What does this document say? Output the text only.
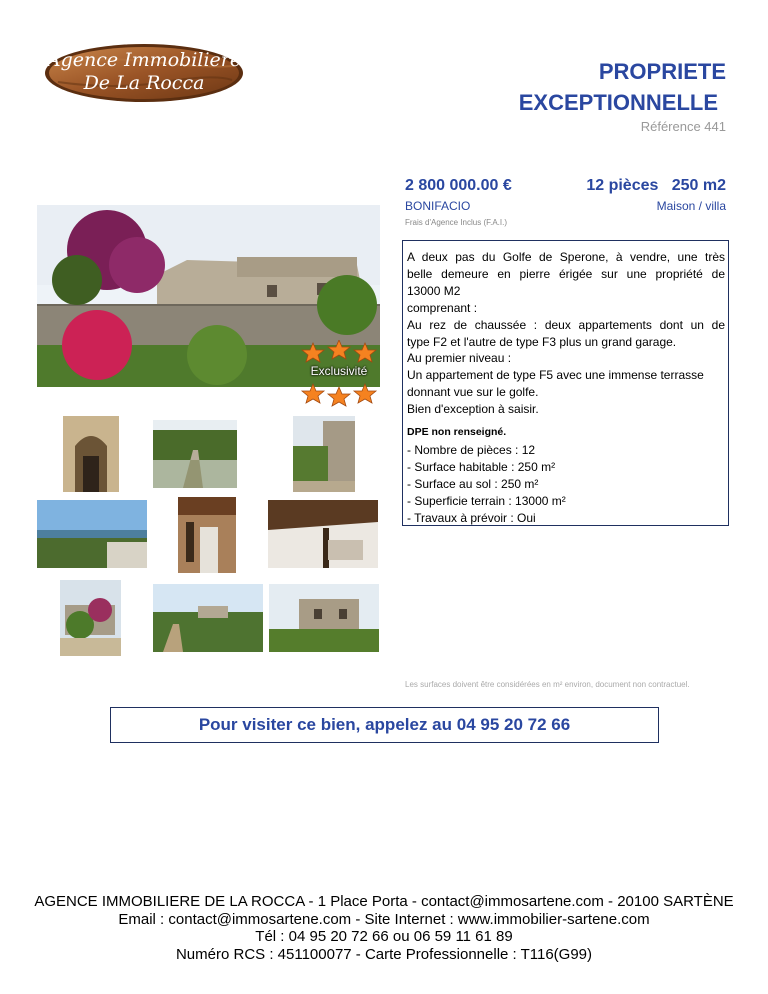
Agence Immobiliere
De La Rocca	PROPRIETE
EXCEPTIONNELLE
Référence 441
2 800 000.00 €	12 pièces   250 m2
BONIFACIO	Maison / villa
Frais d'Agence Inclus (F.A.I.)
Exclusivité
A deux pas du Golfe de Sperone, à vendre, une très
belle demeure en pierre érigée sur une propriété de
13000 M2
comprenant :
Au rez de chaussée : deux appartements dont un de
type F2 et l'autre de type F3 plus un grand garage.
Au premier niveau :
Un appartement de type F5 avec une immense terrasse
donnant vue sur le golfe.
Bien d'exception à saisir.
DPE non renseigné.
- Nombre de pièces : 12
- Surface habitable : 250 m²
- Surface au sol : 250 m²
- Superficie terrain : 13000 m²
- Travaux à prévoir : Oui
Les surfaces doivent être considérées en m² environ, document non contractuel.
Pour visiter ce bien, appelez au 04 95 20 72 66
AGENCE IMMOBILIERE DE LA ROCCA - 1 Place Porta - contact@immosartene.com - 20100 SARTÈNE
Email : contact@immosartene.com - Site Internet : www.immobilier-sartene.com
Tél : 04 95 20 72 66 ou 06 59 11 61 89
Numéro RCS : 451100077 - Carte Professionnelle : T116(G99)
